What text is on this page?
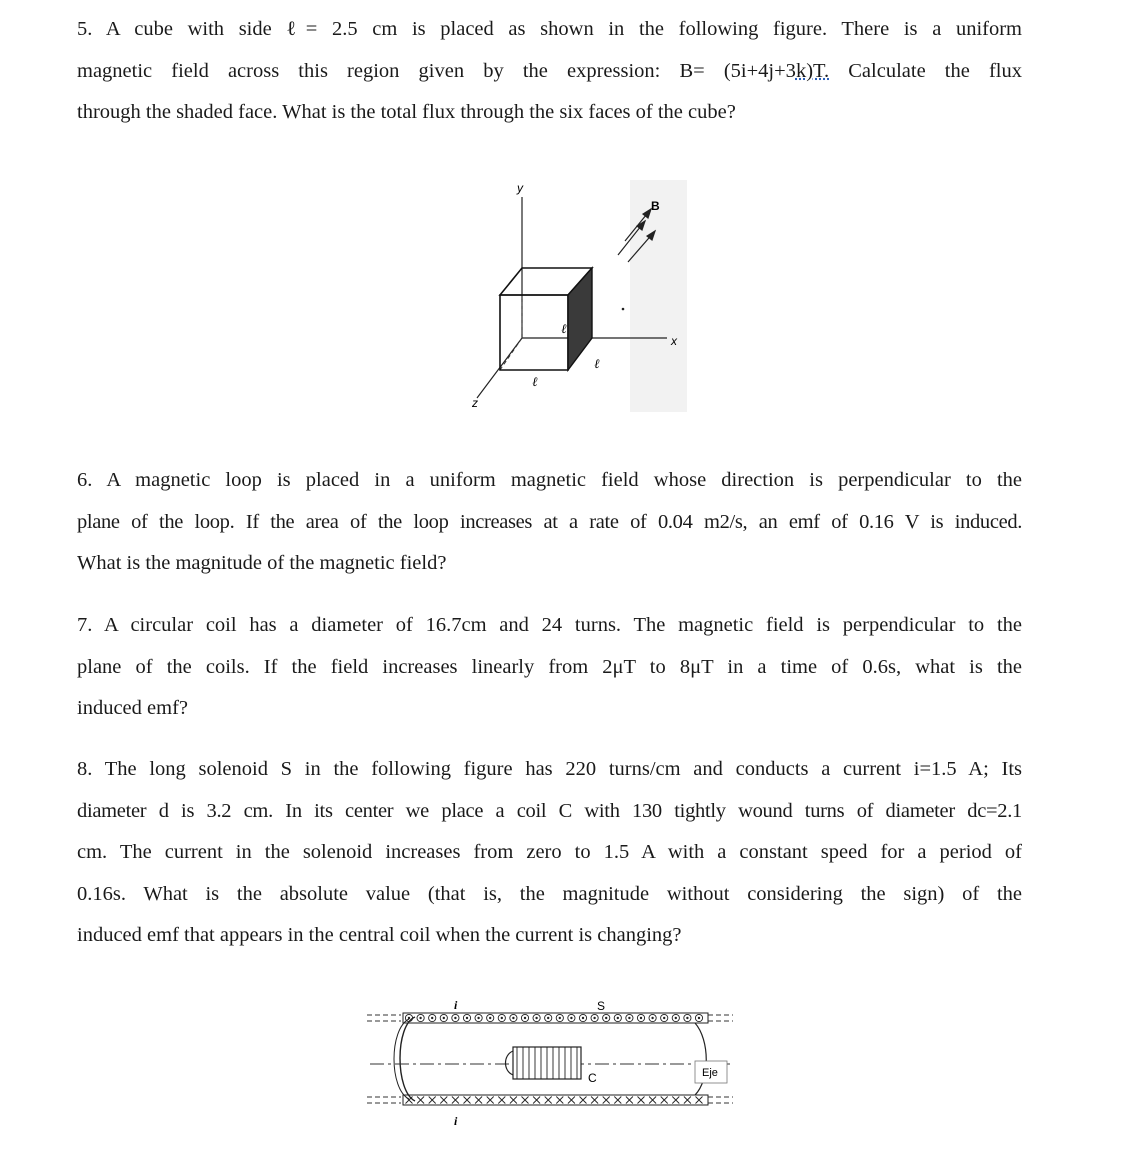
5. A cube with side ℓ= 2.5 cm is placed as shown in the following figure. There is a uniform
magnetic field across this region given by the expression: B= (5i+4j+3k)T. Calculate the flux
through the shaded face. What is the total flux through the six faces of the cube?
y
B
x
z
ℓ
ℓ
ℓ
6. A magnetic loop is placed in a uniform magnetic field whose direction is perpendicular to the
plane of the loop. If the area of the loop increases at a rate of 0.04 m2/s, an emf of 0.16 V is induced.
What is the magnitude of the magnetic field?
7. A circular coil has a diameter of 16.7cm and 24 turns. The magnetic field is perpendicular to the
plane of the coils. If the field increases linearly from 2μT to 8μT in a time of 0.6s, what is the
induced emf?
8. The long solenoid S in the following figure has 220 turns/cm and conducts a current i=1.5 A; Its
diameter d is 3.2 cm. In its center we place a coil C with 130 tightly wound turns of diameter dc=2.1
cm. The current in the solenoid increases from zero to 1.5 A with a constant speed for a period of
0.16s. What is the absolute value (that is, the magnitude without considering the sign) of the
induced emf that appears in the central coil when the current is changing?
i	S
i
C	Eje
